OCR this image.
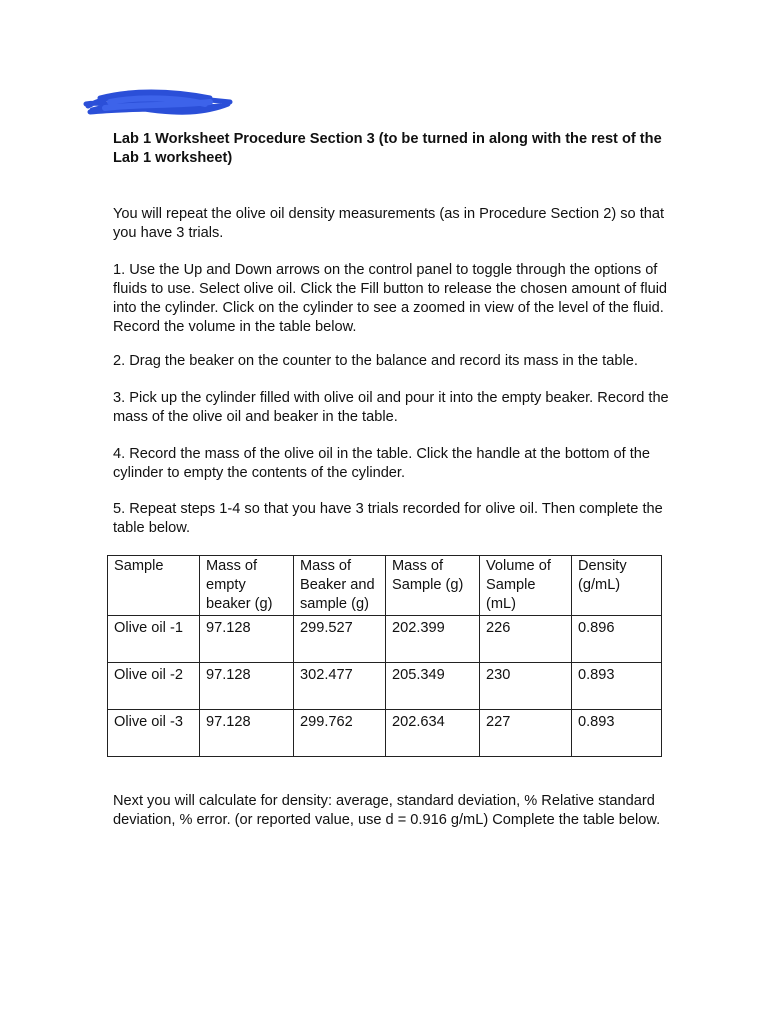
Lab 1 Worksheet Procedure Section 3 (to be turned in along with the rest of the Lab 1 worksheet)

You will repeat the olive oil density measurements (as in Procedure Section 2) so that you have 3 trials.

1. Use the Up and Down arrows on the control panel to toggle through the options of fluids to use. Select olive oil. Click the Fill button to release the chosen amount of fluid into the cylinder. Click on the cylinder to see a zoomed in view of the level of the fluid. Record the volume in the table below.

2. Drag the beaker on the counter to the balance and record its mass in the table.

3. Pick up the cylinder filled with olive oil and pour it into the empty beaker. Record the mass of the olive oil and beaker in the table.

4. Record the mass of the olive oil in the table. Click the handle at the bottom of the cylinder to empty the contents of the cylinder.

5. Repeat steps 1-4 so that you have 3 trials recorded for olive oil. Then complete the table below.

Sample	Mass of empty beaker (g)	Mass of Beaker and sample (g)	Mass of Sample (g)	Volume of Sample (mL)	Density (g/mL)
Olive oil -1	97.128	299.527	202.399	226	0.896
Olive oil -2	97.128	302.477	205.349	230	0.893
Olive oil -3	97.128	299.762	202.634	227	0.893

Next you will calculate for density: average, standard deviation, % Relative standard deviation, % error. (or reported value, use d = 0.916 g/mL) Complete the table below.
